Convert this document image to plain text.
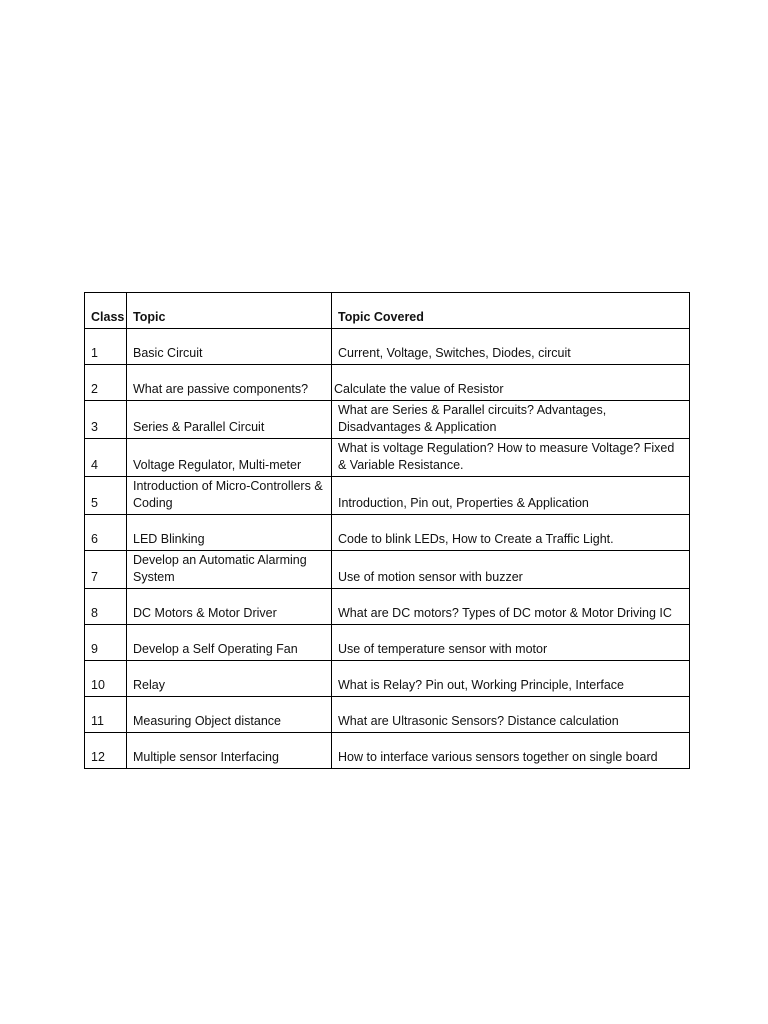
Class	Topic	Topic Covered
1	Basic Circuit	Current, Voltage, Switches, Diodes, circuit
2	What are passive components?	Calculate the value of Resistor
3	Series & Parallel Circuit	What are Series & Parallel circuits? Advantages, Disadvantages & Application
4	Voltage Regulator, Multi-meter	What is voltage Regulation? How to measure Voltage? Fixed & Variable Resistance.
5	Introduction of Micro-Controllers & Coding	Introduction, Pin out, Properties & Application
6	LED Blinking	Code to blink LEDs, How to Create a Traffic Light.
7	Develop an Automatic Alarming System	Use of motion sensor with buzzer
8	DC Motors & Motor Driver	What are DC motors? Types of DC motor & Motor Driving IC
9	Develop a Self Operating Fan	Use of temperature sensor with motor
10	Relay	What is Relay? Pin out, Working Principle, Interface
11	Measuring Object distance	What are Ultrasonic Sensors? Distance calculation
12	Multiple sensor Interfacing	How to interface various sensors together on single board
